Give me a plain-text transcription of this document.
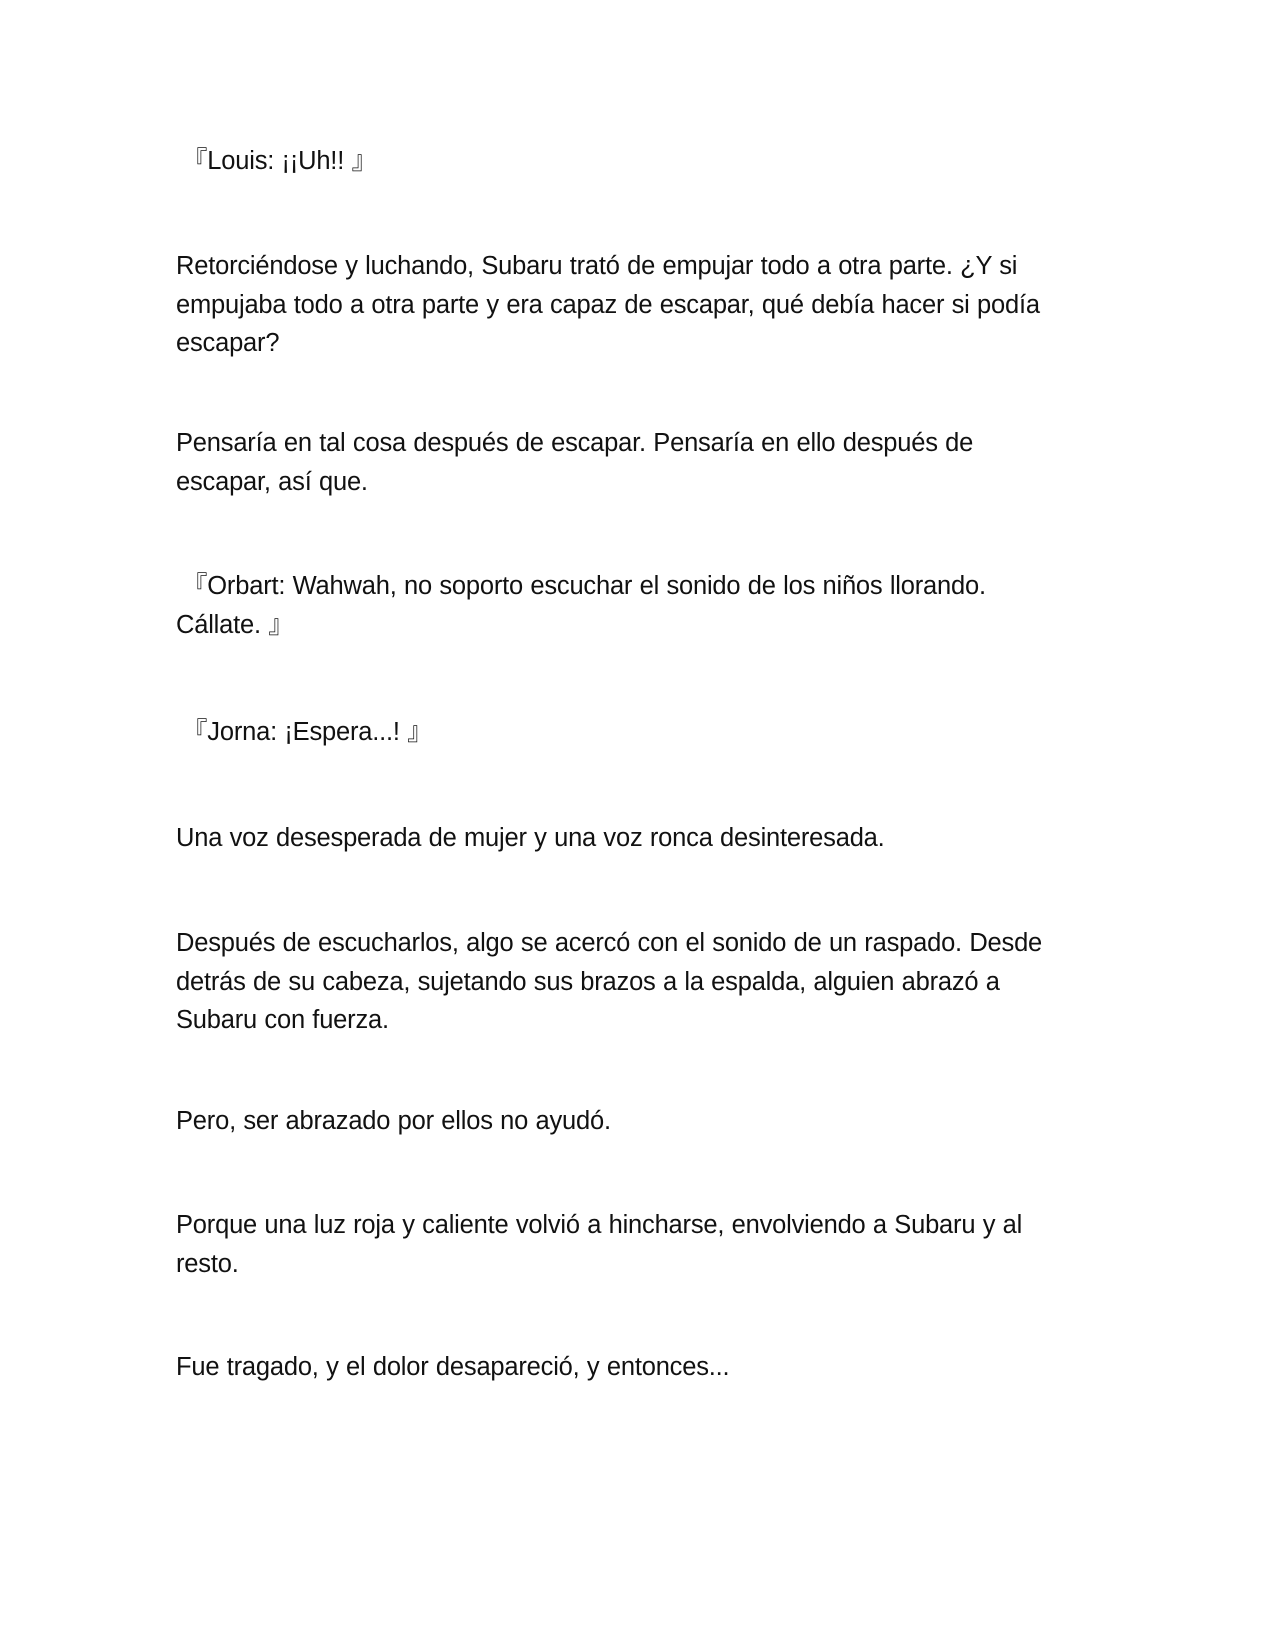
『Louis: ¡¡Uh!! 』

Retorciéndose y luchando, Subaru trató de empujar todo a otra parte. ¿Y si
empujaba todo a otra parte y era capaz de escapar, qué debía hacer si podía
escapar?

Pensaría en tal cosa después de escapar. Pensaría en ello después de
escapar, así que.

『Orbart: Wahwah, no soporto escuchar el sonido de los niños llorando.
Cállate. 』

『Jorna: ¡Espera...! 』

Una voz desesperada de mujer y una voz ronca desinteresada.

Después de escucharlos, algo se acercó con el sonido de un raspado. Desde
detrás de su cabeza, sujetando sus brazos a la espalda, alguien abrazó a
Subaru con fuerza.

Pero, ser abrazado por ellos no ayudó.

Porque una luz roja y caliente volvió a hincharse, envolviendo a Subaru y al
resto.

Fue tragado, y el dolor desapareció, y entonces...
